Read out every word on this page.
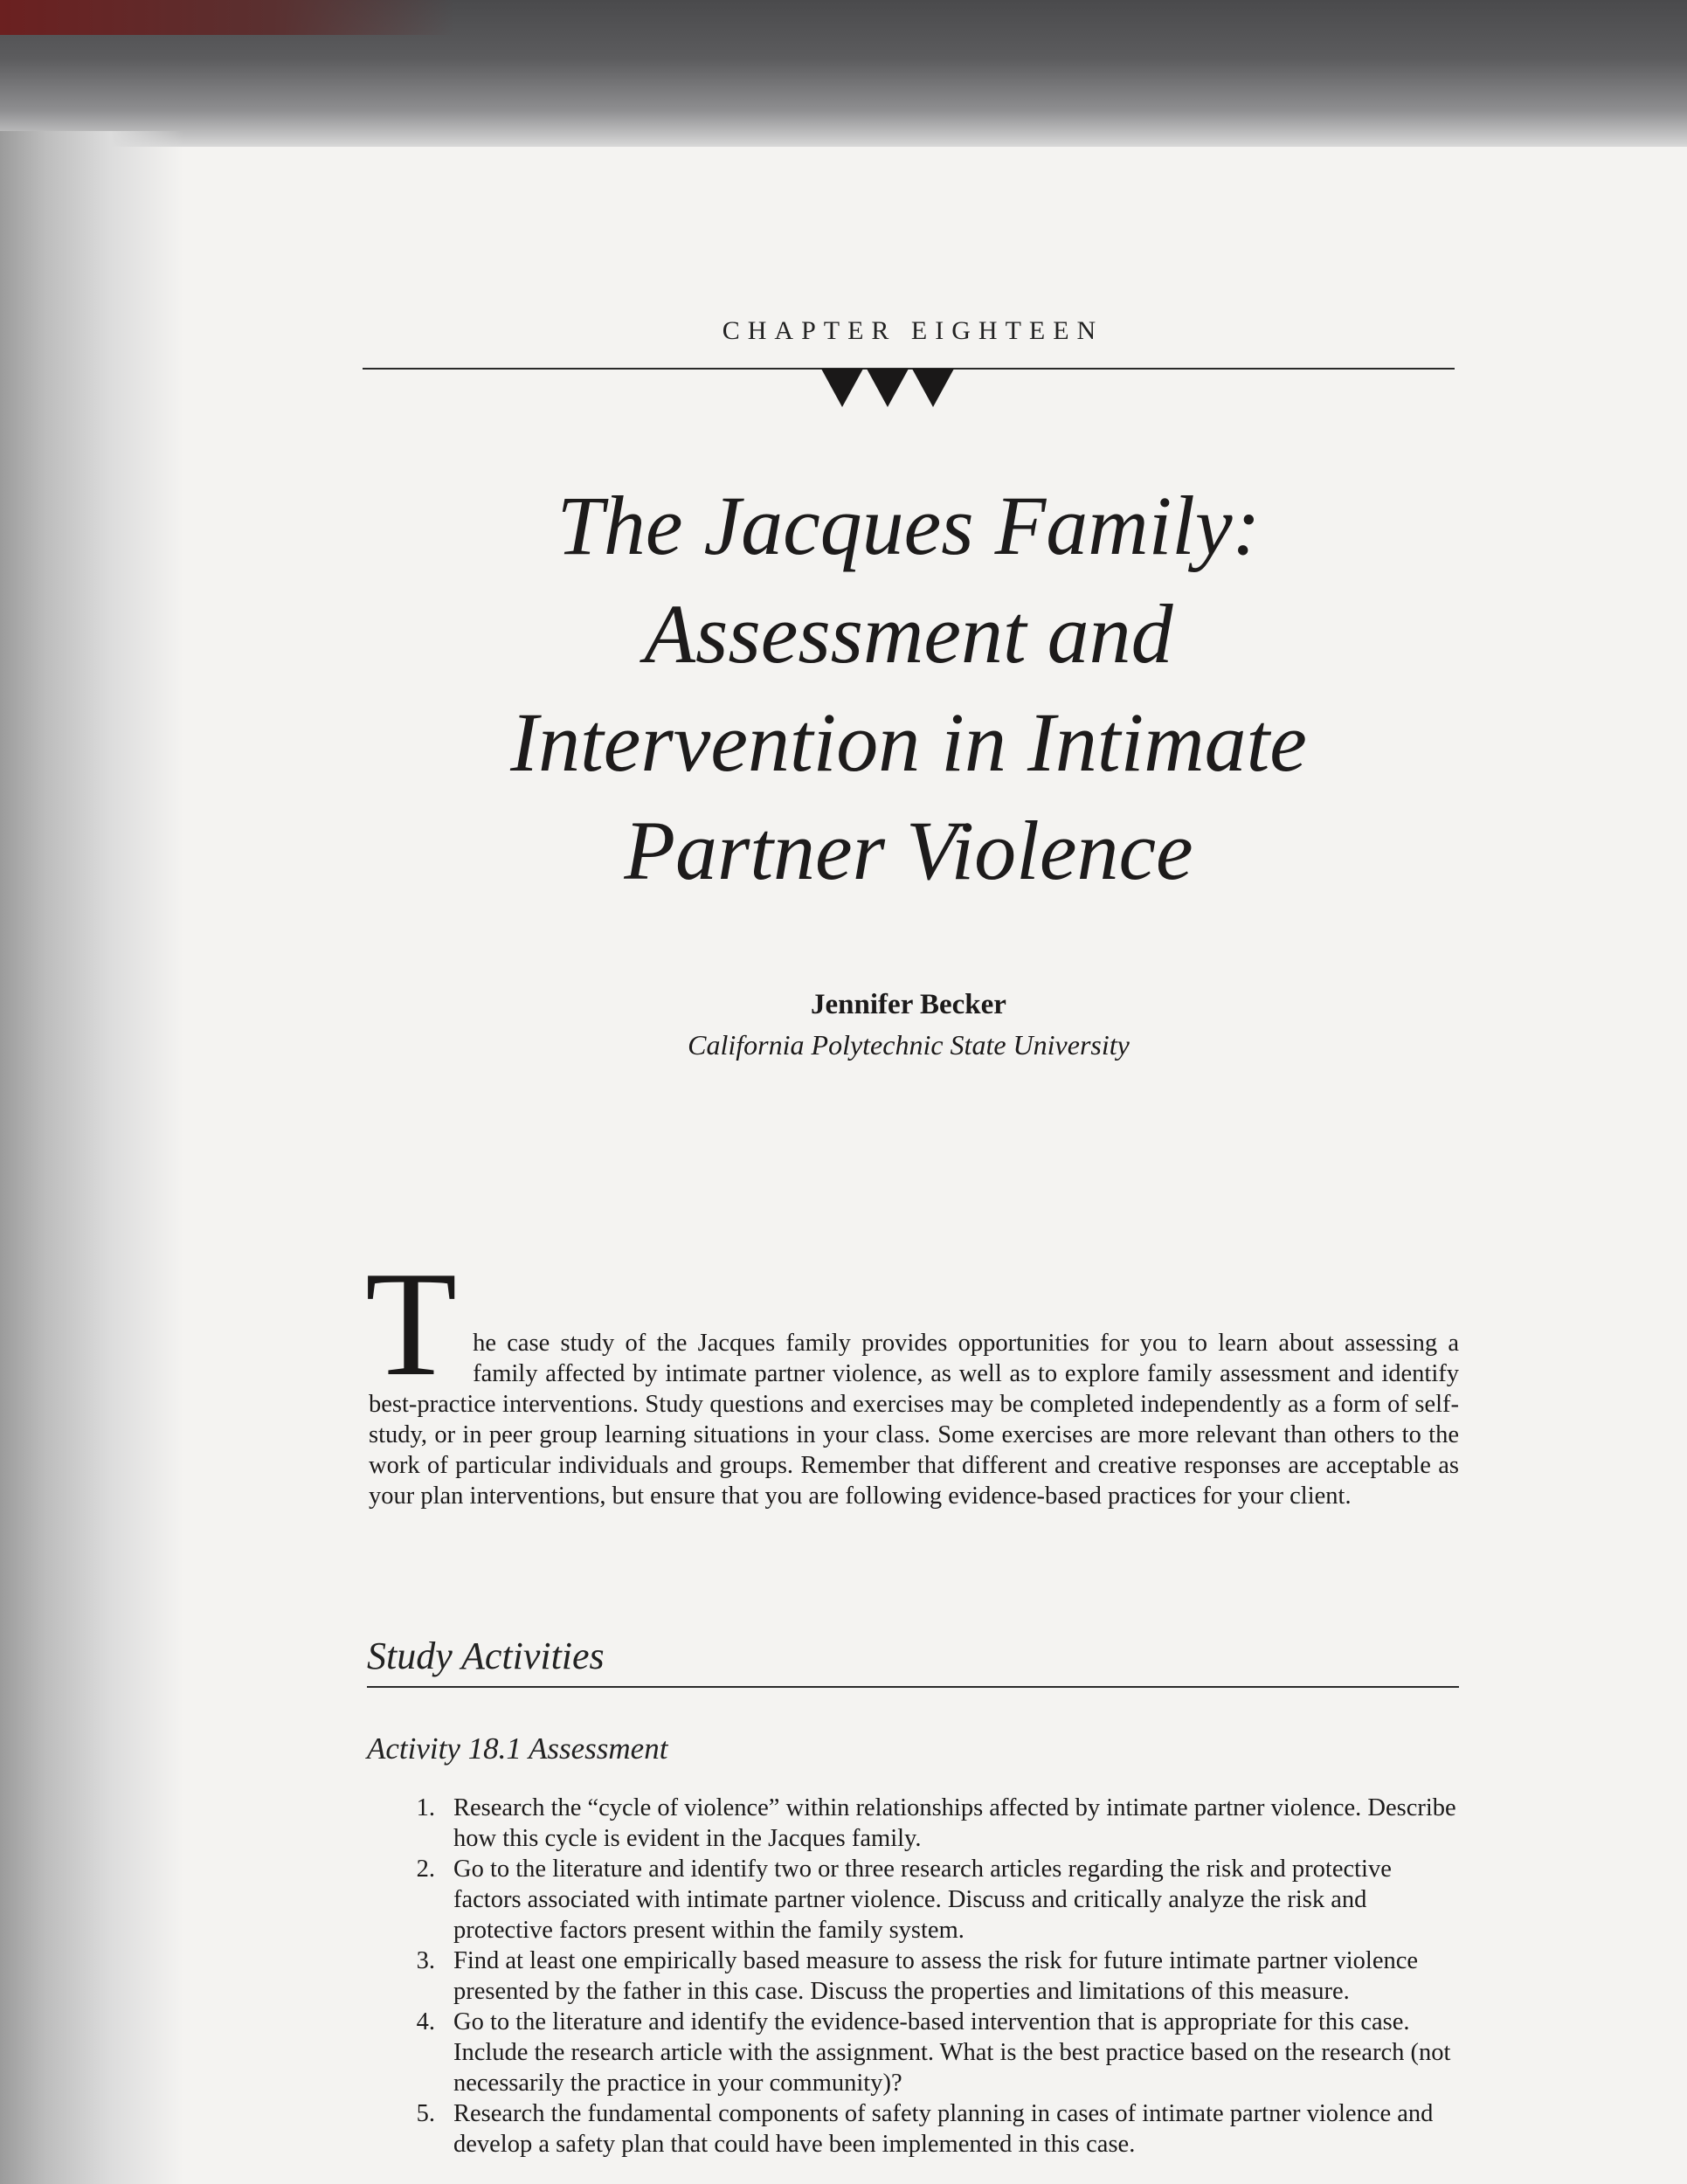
CHAPTER EIGHTEEN
The Jacques Family:
Assessment and
Intervention in Intimate
Partner Violence
Jennifer Becker
California Polytechnic State University
T he case study of the Jacques family provides opportunities for you to learn about assessing a family affected by intimate partner violence, as well as to explore family assessment and identify best-practice interventions. Study questions and exercises may be completed independently as a form of self-study, or in peer group learning situations in your class. Some exercises are more relevant than others to the work of particular individuals and groups. Remember that different and creative responses are acceptable as your plan interventions, but ensure that you are following evidence-based practices for your client.
Study Activities
Activity 18.1 Assessment
1. Research the “cycle of violence” within relationships affected by intimate partner violence. Describe how this cycle is evident in the Jacques family.
2. Go to the literature and identify two or three research articles regarding the risk and protective factors associated with intimate partner violence. Discuss and critically analyze the risk and protective factors present within the family system.
3. Find at least one empirically based measure to assess the risk for future intimate partner violence presented by the father in this case. Discuss the properties and limitations of this measure.
4. Go to the literature and identify the evidence-based intervention that is appropriate for this case. Include the research article with the assignment. What is the best practice based on the research (not necessarily the practice in your community)?
5. Research the fundamental components of safety planning in cases of intimate partner violence and develop a safety plan that could have been implemented in this case.
